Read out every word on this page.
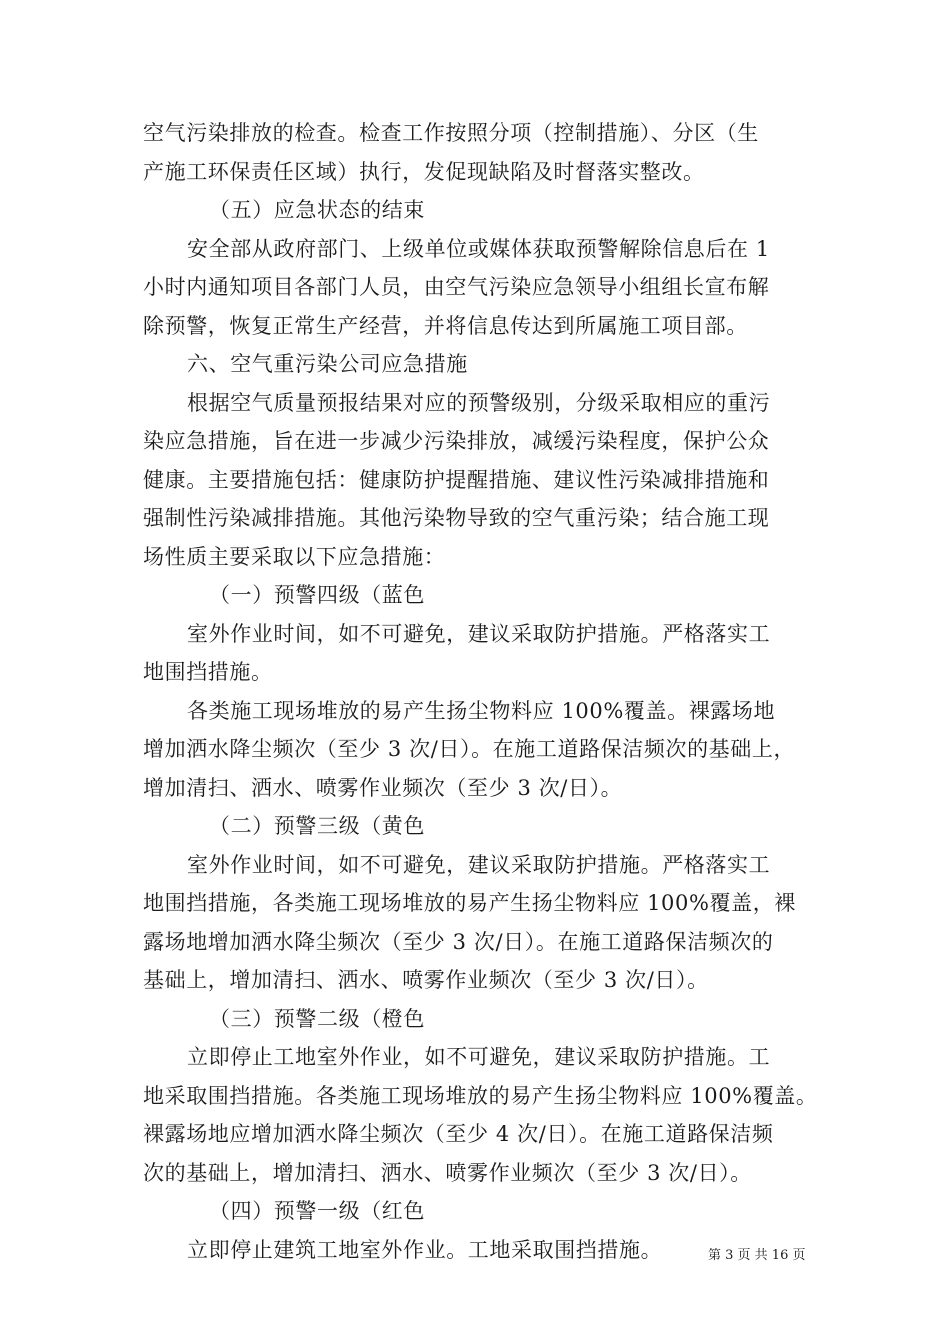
空气污染排放的检查。检查工作按照分项（控制措施）、分区（生
产施工环保责任区域）执行，发促现缺陷及时督落实整改。
（五）应急状态的结束
安全部从政府部门、上级单位或媒体获取预警解除信息后在 1
小时内通知项目各部门人员，由空气污染应急领导小组组长宣布解
除预警，恢复正常生产经营，并将信息传达到所属施工项目部。
六、空气重污染公司应急措施
根据空气质量预报结果对应的预警级别，分级采取相应的重污
染应急措施，旨在进一步减少污染排放，减缓污染程度，保护公众
健康。主要措施包括：健康防护提醒措施、建议性污染减排措施和
强制性污染减排措施。其他污染物导致的空气重污染；结合施工现
场性质主要采取以下应急措施：
（一）预警四级（蓝色
室外作业时间，如不可避免，建议采取防护措施。严格落实工
地围挡措施。
各类施工现场堆放的易产生扬尘物料应 100%覆盖。裸露场地
增加洒水降尘频次（至少 3 次/日）。在施工道路保洁频次的基础上，
增加清扫、洒水、喷雾作业频次（至少 3 次/日）。
（二）预警三级（黄色
室外作业时间，如不可避免，建议采取防护措施。严格落实工
地围挡措施，各类施工现场堆放的易产生扬尘物料应 100%覆盖，裸
露场地增加洒水降尘频次（至少 3 次/日）。在施工道路保洁频次的
基础上，增加清扫、洒水、喷雾作业频次（至少 3 次/日）。
（三）预警二级（橙色
立即停止工地室外作业，如不可避免，建议采取防护措施。工
地采取围挡措施。各类施工现场堆放的易产生扬尘物料应 100%覆盖。
裸露场地应增加洒水降尘频次（至少 4 次/日）。在施工道路保洁频
次的基础上，增加清扫、洒水、喷雾作业频次（至少 3 次/日）。
（四）预警一级（红色
立即停止建筑工地室外作业。工地采取围挡措施。	第 3 页 共 16 页
